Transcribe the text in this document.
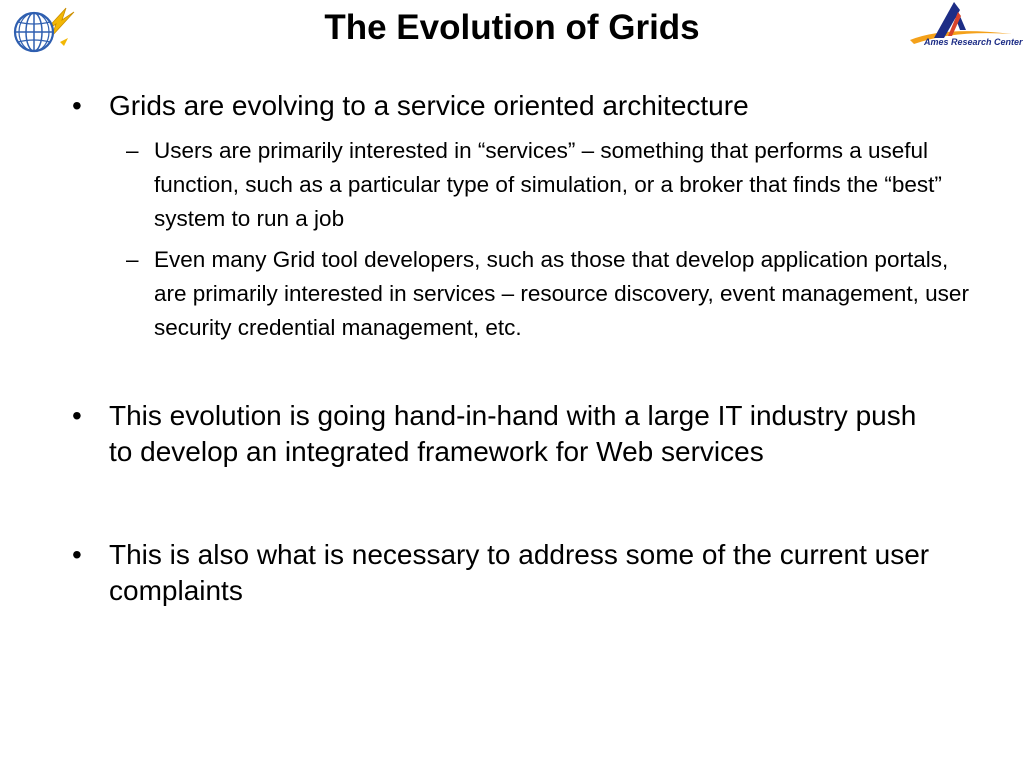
The Evolution of Grids	Ames Research Center
• Grids are evolving to a service oriented architecture
– Users are primarily interested in “services” – something that performs a useful function, such as a particular type of simulation, or a broker that finds the “best” system to run a job
– Even many Grid tool developers, such as those that develop application portals, are primarily interested in services – resource discovery, event management, user security credential management, etc.
• This evolution is going hand-in-hand with a large IT industry push to develop an integrated framework for Web services
• This is also what is necessary to address some of the current user complaints
